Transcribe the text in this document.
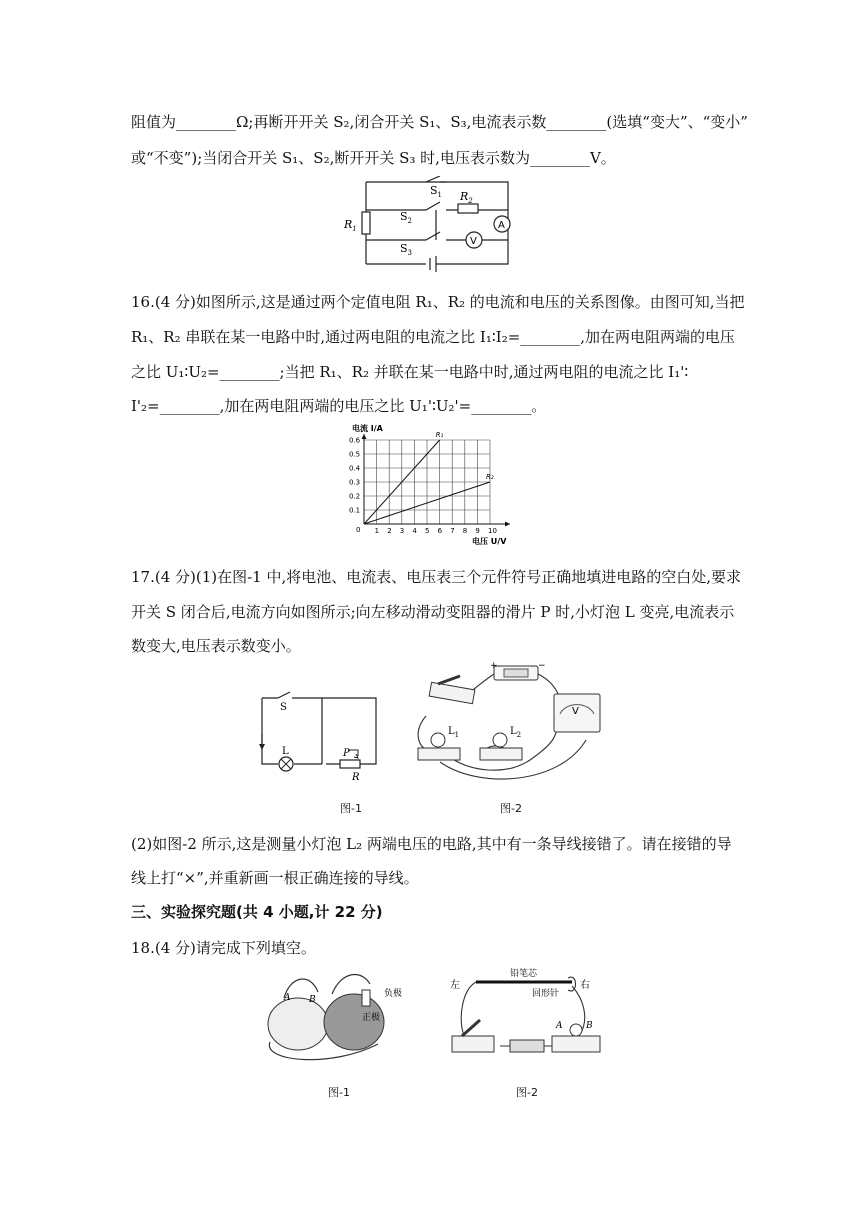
阻值为________Ω;再断开开关 S₂,闭合开关 S₁、S₃,电流表示数________(选填“变大”、“变小”
或“不变”);当闭合开关 S₁、S₂,断开开关 S₃ 时,电压表示数为________V。
A
V
$S_1$
$S_2$
$S_3$
$R_1$
$R_2$
16.(4 分)如图所示,这是通过两个定值电阻 R₁、R₂ 的电流和电压的关系图像。由图可知,当把
R₁、R₂ 串联在某一电路中时,通过两电阻的电流之比 I₁∶I₂=________,加在两电阻两端的电压
之比 U₁∶U₂=________;当把 R₁、R₂ 并联在某一电路中时,通过两电阻的电流之比 I₁'∶
I'₂=________,加在两电阻两端的电压之比 U₁'∶U₂'=________。
1 2 3 4 5 6 7 8 9 10
0.1
0.2
0.3
0.4
0.5
0.6
R₁
R₂
电流 I/A
电压 U/V
0
17.(4 分)(1)在图-1 中,将电池、电流表、电压表三个元件符号正确地填进电路的空白处,要求
开关 S 闭合后,电流方向如图所示;向左移动滑动变阻器的滑片 P 时,小灯泡 L 变亮,电流表示
数变大,电压表示数变小。
S
L	P
R
图-1
+	−
V
$L_1$	$L_2$
图-2
(2)如图-2 所示,这是测量小灯泡 L₂ 两端电压的电路,其中有一条导线接错了。请在接错的导
线上打“×”,并重新画一根正确连接的导线。
三、实验探究题(共 4 小题,计 22 分)
18.(4 分)请完成下列填空。
A B
正极
负极
图-1
左	右
铅笔芯
回形针
A	B
图-2
